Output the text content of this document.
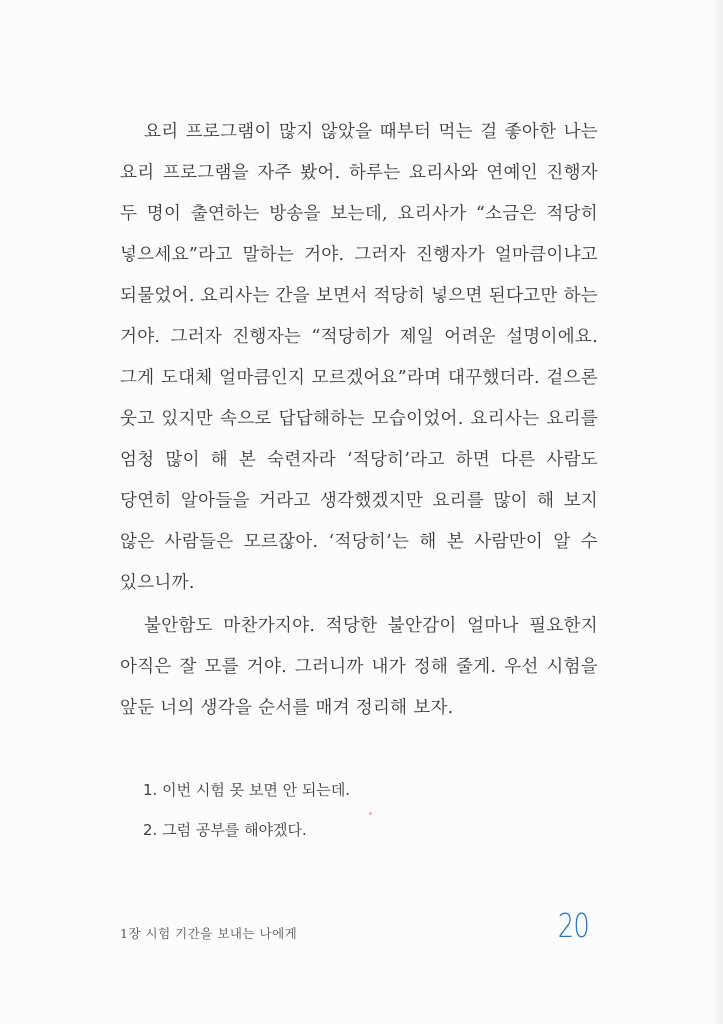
요리 프로그램이 많지 않았을 때부터 먹는 걸 좋아한 나는 요리 프로그램을 자주 봤어. 하루는 요리사와 연예인 진행자 두 명이 출연하는 방송을 보는데, 요리사가 “소금은 적당히 넣으세요”라고 말하는 거야. 그러자 진행자가 얼마큼이냐고 되물었어. 요리사는 간을 보면서 적당히 넣으면 된다고만 하는 거야. 그러자 진행자는 “적당히가 제일 어려운 설명이에요. 그게 도대체 얼마큼인지 모르겠어요”라며 대꾸했더라. 겉으론 웃고 있지만 속으로 답답해하는 모습이었어. 요리사는 요리를 엄청 많이 해 본 숙련자라 ‘적당히’라고 하면 다른 사람도 당연히 알아들을 거라고 생각했겠지만 요리를 많이 해 보지 않은 사람들은 모르잖아. ‘적당히’는 해 본 사람만이 알 수 있으니까.

불안함도 마찬가지야. 적당한 불안감이 얼마나 필요한지 아직은 잘 모를 거야. 그러니까 내가 정해 줄게. 우선 시험을 앞둔 너의 생각을 순서를 매겨 정리해 보자.

1. 이번 시험 못 보면 안 되는데.
2. 그럼 공부를 해야겠다.
1장 시험 기간을 보내는 나에게	20
